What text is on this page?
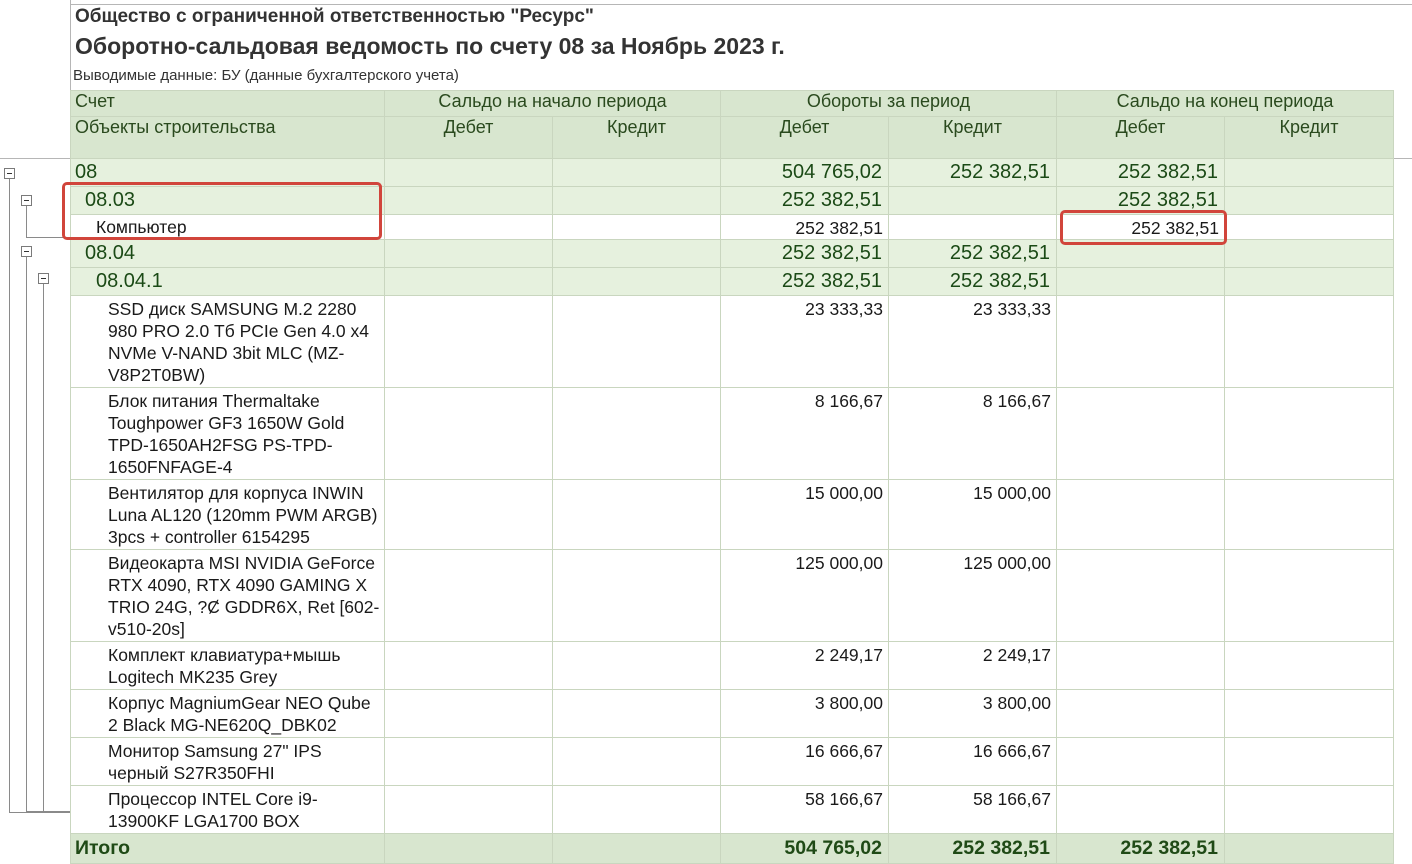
Общество с ограниченной ответственностью "Ресурс"
Оборотно-сальдовая ведомость по счету 08 за Ноябрь 2023 г.
Выводимые данные: БУ (данные бухгалтерского учета)
Счет	Сальдо на начало периода		Обороты за период		Сальдо на конец периода	
Объекты строительства	Дебет	Кредит	Дебет	Кредит	Дебет	Кредит
08			504 765,02	252 382,51	252 382,51	
08.03			252 382,51		252 382,51	
Компьютер			252 382,51		252 382,51	
08.04			252 382,51	252 382,51		
08.04.1			252 382,51	252 382,51		
SSD диск SAMSUNG M.2 2280 980 PRO 2.0 Тб PCIe Gen 4.0 x4 NVMe V-NAND 3bit MLC (MZ-V8P2T0BW)			23 333,33	23 333,33		
Блок питания Thermaltake Toughpower GF3 1650W Gold TPD-1650AH2FSG PS-TPD-1650FNFAGE-4			8 166,67	8 166,67		
Вентилятор для корпуса INWIN Luna AL120 (120mm PWM ARGB) 3pcs + controller 6154295			15 000,00	15 000,00		
Видеокарта MSI NVIDIA GeForce RTX 4090, RTX 4090 GAMING X TRIO 24G, ?Ȼ GDDR6X, Ret [602-v510-20s]			125 000,00	125 000,00		
Комплект клавиатура+мышь Logitech MK235 Grey			2 249,17	2 249,17		
Корпус MagniumGear NEO Qube 2 Black MG-NE620Q_DBK02			3 800,00	3 800,00		
Монитор Samsung 27" IPS черный S27R350FHI			16 666,67	16 666,67		
Процессор INTEL Core i9-13900KF LGA1700 BOX			58 166,67	58 166,67		
Итого			504 765,02	252 382,51	252 382,51	
